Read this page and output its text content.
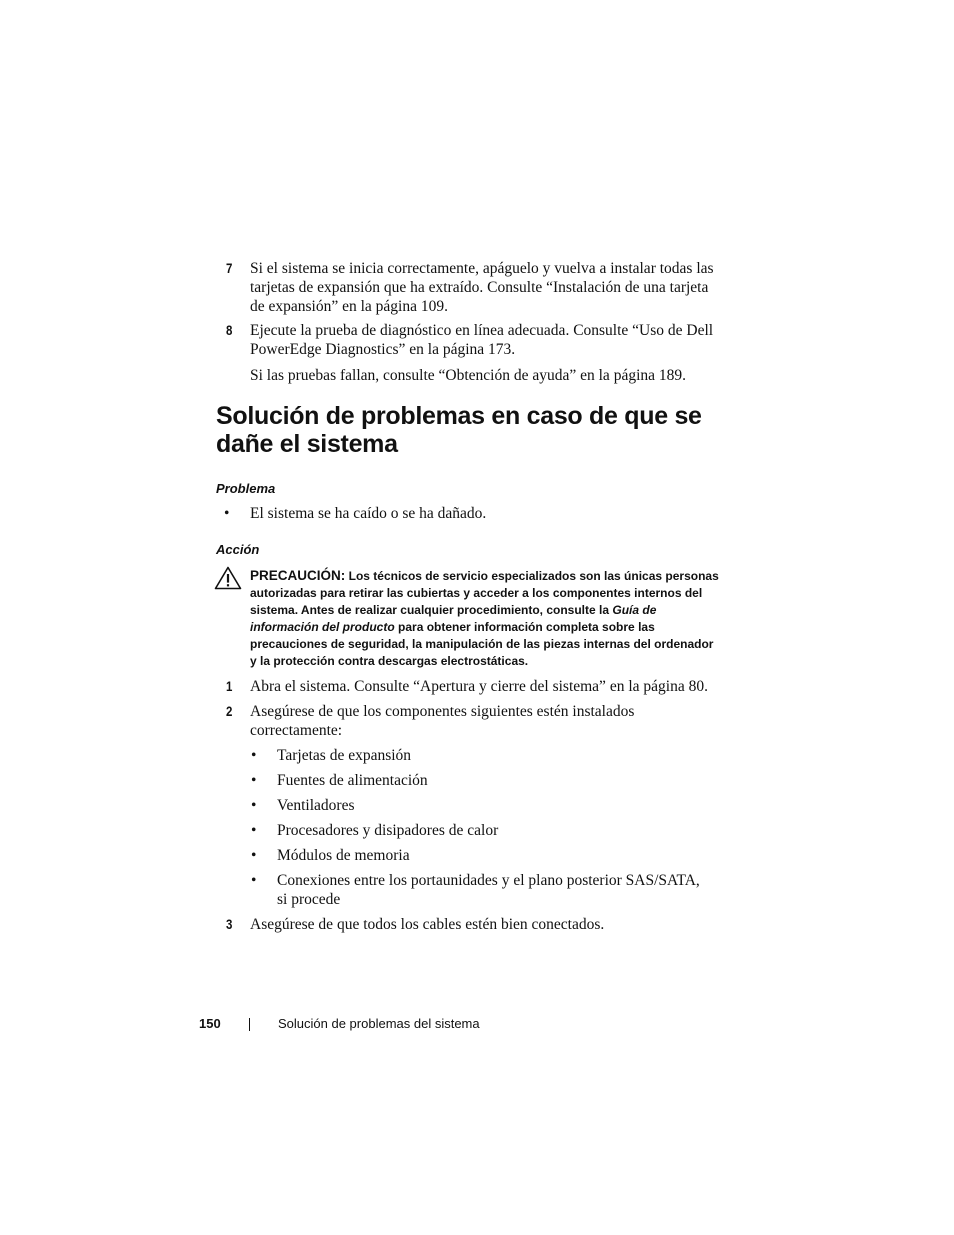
7 Si el sistema se inicia correctamente, apáguelo y vuelva a instalar todas las tarjetas de expansión que ha extraído. Consulte “Instalación de una tarjeta de expansión” en la página 109.
8 Ejecute la prueba de diagnóstico en línea adecuada. Consulte “Uso de Dell PowerEdge Diagnostics” en la página 173.
Si las pruebas fallan, consulte “Obtención de ayuda” en la página 189.
Solución de problemas en caso de que se dañe el sistema
Problema
• El sistema se ha caído o se ha dañado.
Acción
PRECAUCIÓN: Los técnicos de servicio especializados son las únicas personas autorizadas para retirar las cubiertas y acceder a los componentes internos del sistema. Antes de realizar cualquier procedimiento, consulte la Guía de información del producto para obtener información completa sobre las precauciones de seguridad, la manipulación de las piezas internas del ordenador y la protección contra descargas electrostáticas.
1 Abra el sistema. Consulte “Apertura y cierre del sistema” en la página 80.
2 Asegúrese de que los componentes siguientes estén instalados correctamente:
• Tarjetas de expansión
• Fuentes de alimentación
• Ventiladores
• Procesadores y disipadores de calor
• Módulos de memoria
• Conexiones entre los portaunidades y el plano posterior SAS/SATA, si procede
3 Asegúrese de que todos los cables estén bien conectados.
150	Solución de problemas del sistema
